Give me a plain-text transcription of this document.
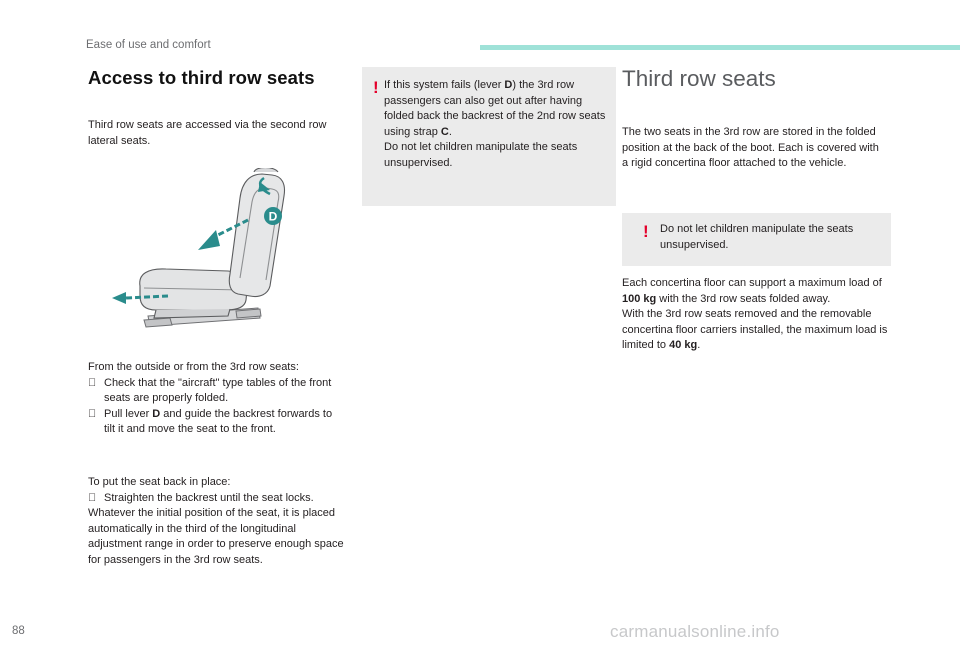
Ease of use and comfort
Access to third row seats

Third row seats are accessed via the second row lateral seats.

D

From the outside or from the 3rd row seats:

Check that the "aircraft" type tables of the front seats are properly folded.

Pull lever D and guide the backrest forwards to tilt it and move the seat to the front.

To put the seat back in place:

Straighten the backrest until the seat locks.

Whatever the initial position of the seat, it is placed automatically in the third of the longitudinal adjustment range in order to preserve enough space for passengers in the 3rd row seats.

! If this system fails (lever D) the 3rd row passengers can also get out after having folded back the backrest of the 2nd row seats using strap C.

Do not let children manipulate the seats unsupervised.

Third row seats

The two seats in the 3rd row are stored in the folded position at the back of the boot. Each is covered with a rigid concertina floor attached to the vehicle.

! Do not let children manipulate the seats unsupervised.

Each concertina floor can support a maximum load of 100 kg with the 3rd row seats folded away.

With the 3rd row seats removed and the removable concertina floor carriers installed, the maximum load is limited to 40 kg.

88	carmanualsonline.info
